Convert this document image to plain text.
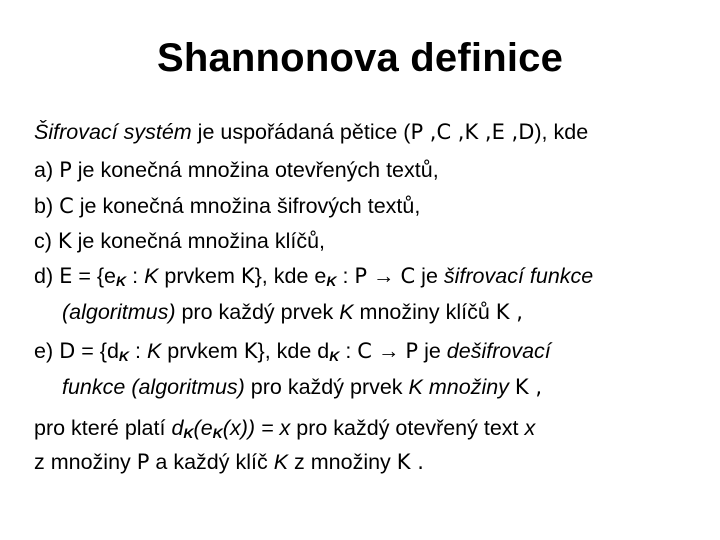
Shannonova definice
Šifrovací systém je uspořádaná pětice (P ,C ,K ,E ,D), kde
a) P je konečná množina otevřených textů,
b) C je konečná množina šifrových textů,
c) K je konečná množina klíčů,
d) $E = \{e_K$ : K prvkem K}, kde $e_K$ : P → C je šifrovací funkce
(algoritmus) pro každý prvek K množiny klíčů K ,
e) $D = \{d_K$ : K prvkem K}, kde $d_K$ : C → P je dešifrovací
funkce (algoritmus) pro každý prvek K množiny K ,
pro které platí $d_K(e_K(x)) = x$ pro každý otevřený text x
z množiny P a každý klíč K z množiny K .
